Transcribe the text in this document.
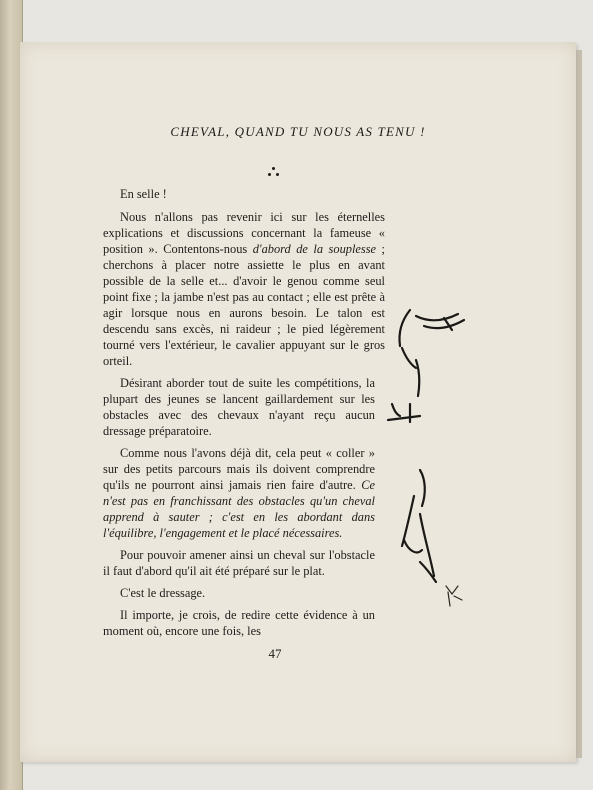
CHEVAL, QUAND TU NOUS AS TENU !

En selle !

Nous n'allons pas revenir ici sur les éternelles explications et discussions concernant la fameuse « position ». Contentons-nous d'abord de la souplesse ; cherchons à placer notre assiette le plus en avant possible de la selle et... d'avoir le genou comme seul point fixe ; la jambe n'est pas au contact ; elle est prête à agir lorsque nous en aurons besoin. Le talon est descendu sans excès, ni raideur ; le pied légèrement tourné vers l'extérieur, le cavalier appuyant sur le gros orteil.

Désirant aborder tout de suite les compétitions, la plupart des jeunes se lancent gaillardement sur les obstacles avec des chevaux n'ayant reçu aucun dressage préparatoire.

Comme nous l'avons déjà dit, cela peut « coller » sur des petits parcours mais ils doivent comprendre qu'ils ne pourront ainsi jamais rien faire d'autre. Ce n'est pas en franchissant des obstacles qu'un cheval apprend à sauter ; c'est en les abordant dans l'équilibre, l'engagement et le placé nécessaires.

Pour pouvoir amener ainsi un cheval sur l'obstacle il faut d'abord qu'il ait été préparé sur le plat.

C'est le dressage.

Il importe, je crois, de redire cette évidence à un moment où, encore une fois, les

47
